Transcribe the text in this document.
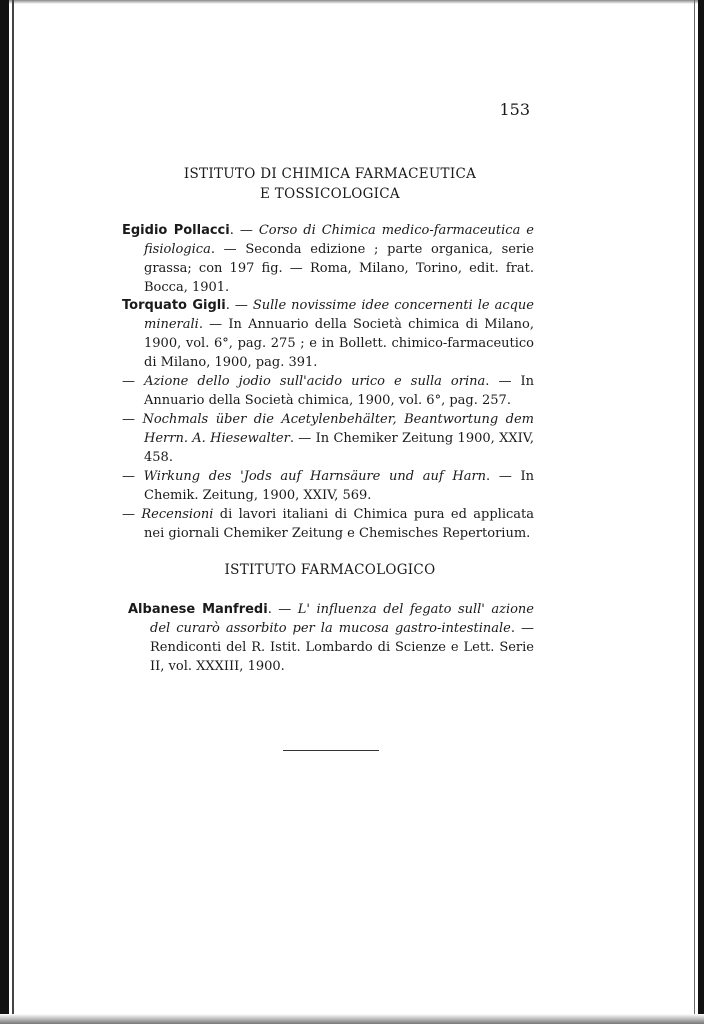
153
ISTITUTO DI CHIMICA FARMACEUTICA
E TOSSICOLOGICA

Egidio Pollacci. — Corso di Chimica medico-farmaceutica e fisiologica. — Seconda edizione ; parte organica, serie grassa; con 197 fig. — Roma, Milano, Torino, edit. frat. Bocca, 1901.

Torquato Gigli. — Sulle novissime idee concernenti le acque minerali. — In Annuario della Società chimica di Milano, 1900, vol. 6°, pag. 275 ; e in Bollett. chimico-farmaceutico di Milano, 1900, pag. 391.

— Azione dello jodio sull'acido urico e sulla orina. — In Annuario della Società chimica, 1900, vol. 6°, pag. 257.

— Nochmals über die Acetylenbehälter, Beantwortung dem Herrn. A. Hiesewalter. — In Chemiker Zeitung 1900, XXIV, 458.

— Wirkung des 'Jods auf Harnsäure und auf Harn. — In Chemik. Zeitung, 1900, XXIV, 569.

— Recensioni di lavori italiani di Chimica pura ed applicata nei giornali Chemiker Zeitung e Chemisches Repertorium.

ISTITUTO FARMACOLOGICO

Albanese Manfredi. — L' influenza del fegato sull' azione del curarò assorbito per la mucosa gastro-intestinale. — Rendiconti del R. Istit. Lombardo di Scienze e Lett. Serie II, vol. XXXIII, 1900.
